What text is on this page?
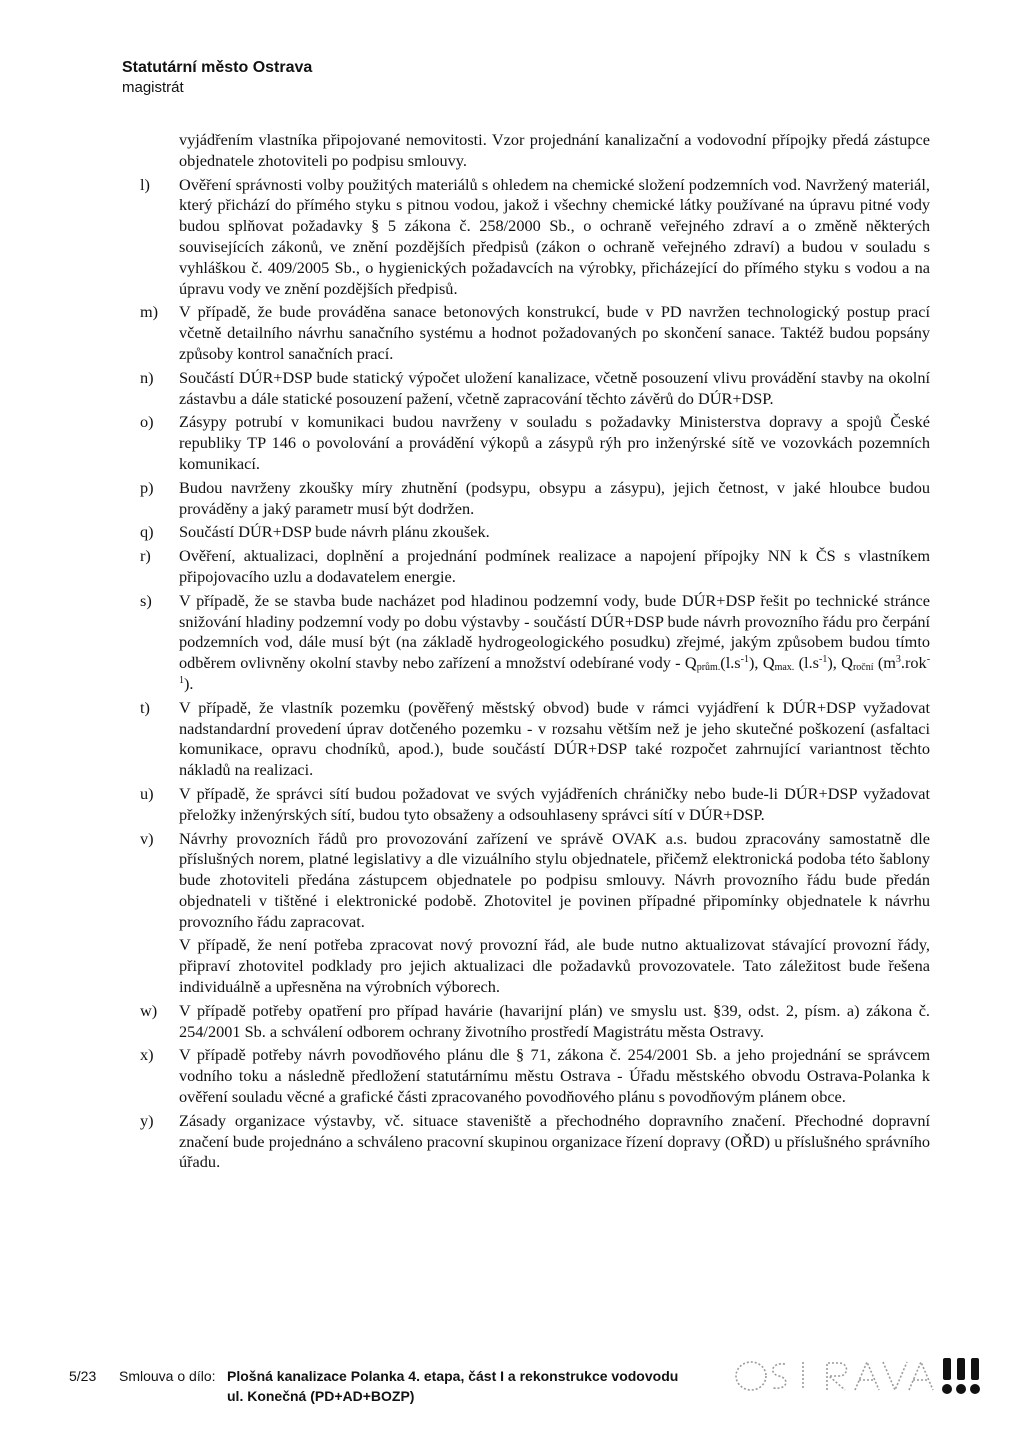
Statutární město Ostrava
magistrát
vyjádřením vlastníka připojované nemovitosti. Vzor projednání kanalizační a vodovodní přípojky předá zástupce objednatele zhotoviteli po podpisu smlouvy.
l)	Ověření správnosti volby použitých materiálů s ohledem na chemické složení podzemních vod. Navržený materiál, který přichází do přímého styku s pitnou vodou, jakož i všechny chemické látky používané na úpravu pitné vody budou splňovat požadavky § 5 zákona č. 258/2000 Sb., o ochraně veřejného zdraví a o změně některých souvisejících zákonů, ve znění pozdějších předpisů (zákon o ochraně veřejného zdraví) a budou v souladu s vyhláškou č. 409/2005 Sb., o hygienických požadavcích na výrobky, přicházející do přímého styku s vodou a na úpravu vody ve znění pozdějších předpisů.

m)	V případě, že bude prováděna sanace betonových konstrukcí, bude v PD navržen technologický postup prací včetně detailního návrhu sanačního systému a hodnot požadovaných po skončení sanace. Taktéž budou popsány způsoby kontrol sanačních prací.

n)	Součástí DÚR+DSP bude statický výpočet uložení kanalizace, včetně posouzení vlivu provádění stavby na okolní zástavbu a dále statické posouzení pažení, včetně zapracování těchto závěrů do DÚR+DSP.

o)	Zásypy potrubí v komunikaci budou navrženy v souladu s požadavky Ministerstva dopravy a spojů České republiky TP 146 o povolování a provádění výkopů a zásypů rýh pro inženýrské sítě ve vozovkách pozemních komunikací.

p)	Budou navrženy zkoušky míry zhutnění (podsypu, obsypu a zásypu), jejich četnost, v jaké hloubce budou prováděny a jaký parametr musí být dodržen.

q)	Součástí DÚR+DSP bude návrh plánu zkoušek.

r)	Ověření, aktualizaci, doplnění a projednání podmínek realizace a napojení přípojky NN k ČS s vlastníkem připojovacího uzlu a dodavatelem energie.

s)	V případě, že se stavba bude nacházet pod hladinou podzemní vody, bude DÚR+DSP řešit po technické stránce snižování hladiny podzemní vody po dobu výstavby - součástí DÚR+DSP bude návrh provozního řádu pro čerpání podzemních vod, dále musí být (na základě hydrogeologického posudku) zřejmé, jakým způsobem budou tímto odběrem ovlivněny okolní stavby nebo zařízení a množství odebírané vody - $Q_{prům.}(l.s^{-1})$, $Q_{max.}$ $(l.s^{-1})$, $Q_{roční}$ $(m^3.rok^{-1})$.

t)	V případě, že vlastník pozemku (pověřený městský obvod) bude v rámci vyjádření k DÚR+DSP vyžadovat nadstandardní provedení úprav dotčeného pozemku - v rozsahu větším než je jeho skutečné poškození (asfaltaci komunikace, opravu chodníků, apod.), bude součástí DÚR+DSP také rozpočet zahrnující variantnost těchto nákladů na realizaci.

u)	V případě, že správci sítí budou požadovat ve svých vyjádřeních chráničky nebo bude-li DÚR+DSP vyžadovat přeložky inženýrských sítí, budou tyto obsaženy a odsouhlaseny správci sítí v DÚR+DSP.

v)	Návrhy provozních řádů pro provozování zařízení ve správě OVAK a.s. budou zpracovány samostatně dle příslušných norem, platné legislativy a dle vizuálního stylu objednatele, přičemž elektronická podoba této šablony bude zhotoviteli předána zástupcem objednatele po podpisu smlouvy. Návrh provozního řádu bude předán objednateli v tištěné i elektronické podobě. Zhotovitel je povinen případné připomínky objednatele k návrhu provozního řádu zapracovat.

V případě, že není potřeba zpracovat nový provozní řád, ale bude nutno aktualizovat stávající provozní řády, připraví zhotovitel podklady pro jejich aktualizaci dle požadavků provozovatele. Tato záležitost bude řešena individuálně a upřesněna na výrobních výborech.

w)	V případě potřeby opatření pro případ havárie (havarijní plán) ve smyslu ust. §39, odst. 2, písm. a) zákona č. 254/2001 Sb. a schválení odborem ochrany životního prostředí Magistrátu města Ostravy.

x)	V případě potřeby návrh povodňového plánu dle § 71, zákona č. 254/2001 Sb. a jeho projednání se správcem vodního toku a následně předložení statutárnímu městu Ostrava - Úřadu městského obvodu Ostrava-Polanka k ověření souladu věcné a grafické části zpracovaného povodňového plánu s povodňovým plánem obce.

y)	Zásady organizace výstavby, vč. situace staveniště a přechodného dopravního značení. Přechodné dopravní značení bude projednáno a schváleno pracovní skupinou organizace řízení dopravy (OŘD) u příslušného správního úřadu.

5/23 Smlouva o dílo: Plošná kanalizace Polanka 4. etapa, část I a rekonstrukce vodovodu
ul. Konečná (PD+AD+BOZP)
